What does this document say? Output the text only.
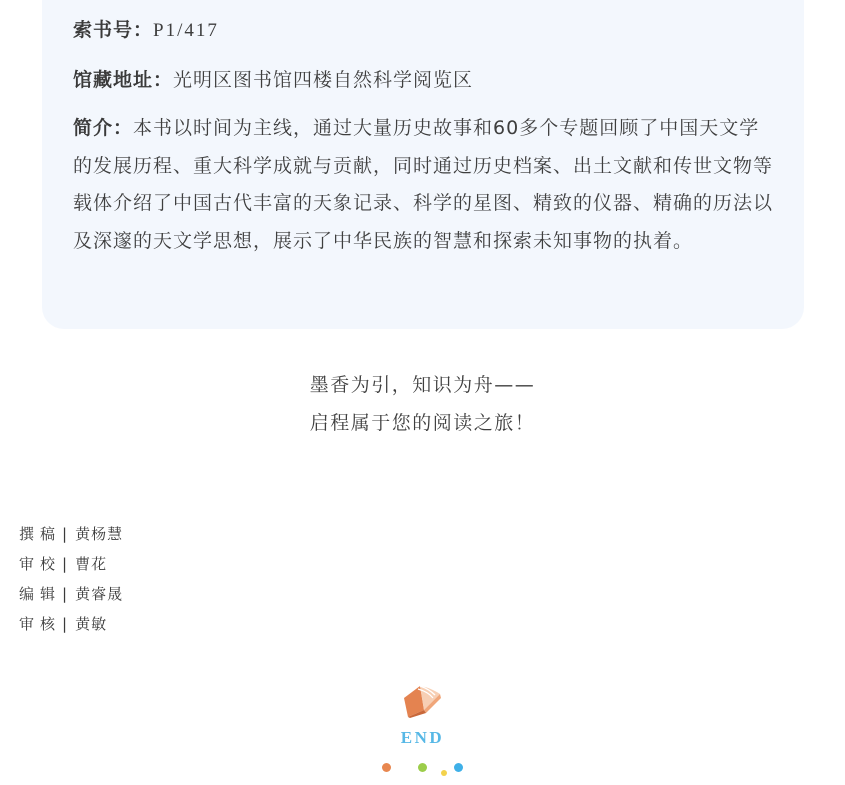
索书号：P1/417
馆藏地址：光明区图书馆四楼自然科学阅览区
简介：本书以时间为主线，通过大量历史故事和60多个专题回顾了中国天文学的发展历程、重大科学成就与贡献，同时通过历史档案、出土文献和传世文物等载体介绍了中国古代丰富的天象记录、科学的星图、精致的仪器、精确的历法以及深邃的天文学思想，展示了中华民族的智慧和探索未知事物的执着。
墨香为引，知识为舟——
启程属于您的阅读之旅！
撰稿| 黄杨慧
审校| 曹花
编辑| 黄睿晟
审核| 黄敏
END
